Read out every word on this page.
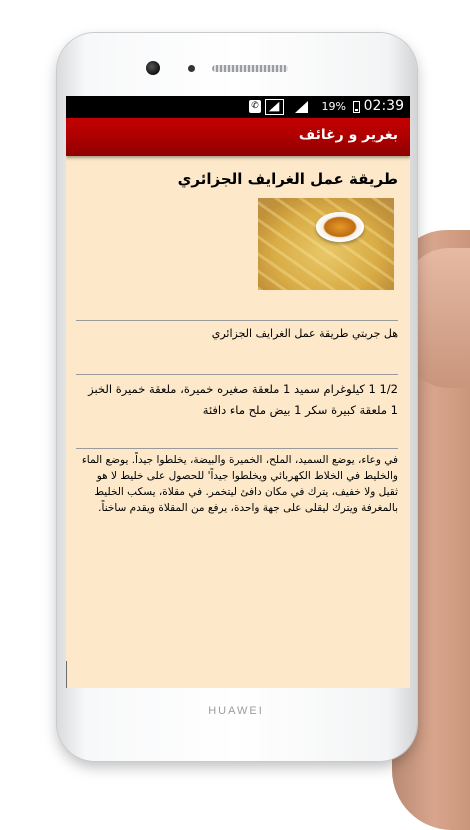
HUAWEI
✆	19% 02:39
بغرير و رغائف
طريقة عمل الغرايف الجزائري
هل جربتي طريقة عمل الغرايف الجزائري
1/2 1 كيلوغرام سميد 1 ملعقة صغيره خميرة، ملعقة خميرة الخبز 1 ملعقة كبيرة سكر 1 بيض ملح ماء دافئة
في وعاء، يوضع السميد، الملح، الخميرة والبيضة، يخلطوا جيداً. يوضع الماء والخليط في الخلاط الكهربائي ويخلطوا جيداً' للحصول على خليط لا هو ثقيل ولا خفيف، يترك في مكان دافئ ليتخمر. في مقلاة، يسكب الخليط بالمغرفة ويترك ليقلى على جهة واحدة، يرفع من المقلاة ويقدم ساخناً.
